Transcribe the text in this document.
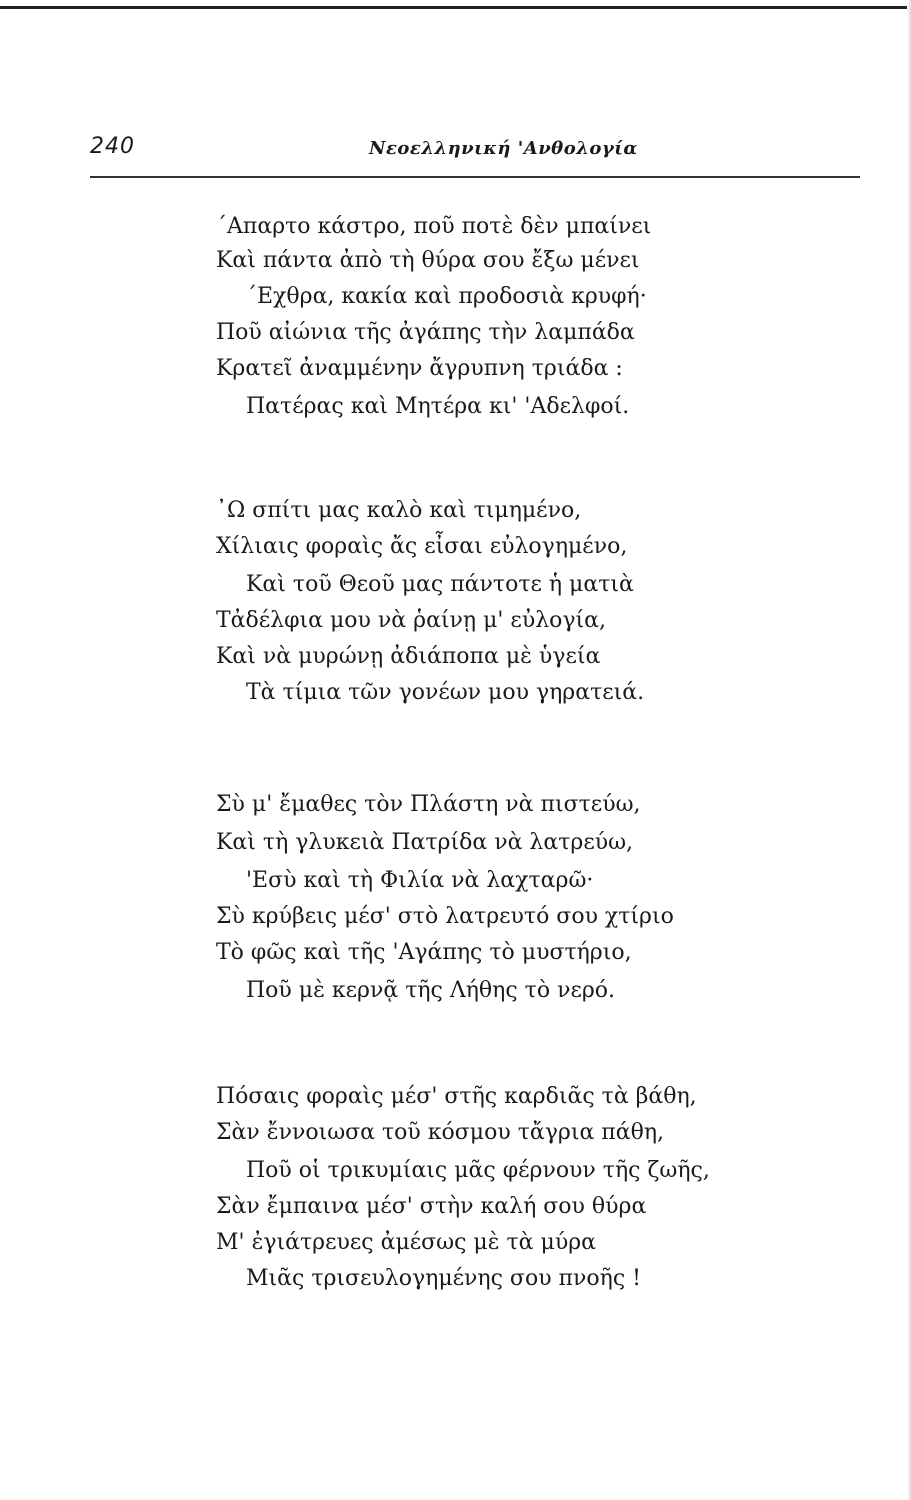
240	Νεοελληνική 'Ανθολογία
΄Απαρτο κάστρο, ποῦ ποτὲ δὲν μπαίνει
Καὶ πάντα ἀπὸ τὴ θύρα σου ἔξω μένει
΄Εχθρα, κακία καὶ προδοσιὰ κρυφή·
Ποῦ αἰώνια τῆς ἀγάπης τὴν λαμπάδα
Κρατεῖ ἀναμμένην ἄγρυπνη τριάδα :
Πατέρας καὶ Μητέρα κι' 'Αδελφοί.
᾽Ω σπίτι μας καλὸ καὶ τιμημένο,
Χίλιαις φοραὶς ἄς εἶσαι εὐλογημένο,
Καὶ τοῦ Θεοῦ μας πάντοτε ἡ ματιὰ
Τἀδέλφια μου νὰ ῥαίνῃ μ' εὐλογία,
Καὶ νὰ μυρώνῃ ἀδιάποπα μὲ ὑγεία
Τὰ τίμια τῶν γονέων μου γηρατειά.
Σὺ μ' ἔμαθες τὸν Πλάστη νὰ πιστεύω,
Καὶ τὴ γλυκειὰ Πατρίδα νὰ λατρεύω,
'Εσὺ καὶ τὴ Φιλία νὰ λαχταρῶ·
Σὺ κρύβεις μέσ' στὸ λατρευτό σου χτίριο
Τὸ φῶς καὶ τῆς 'Αγάπης τὸ μυστήριο,
Ποῦ μὲ κερνᾷ τῆς Λήθης τὸ νερό.
Πόσαις φοραὶς μέσ' στῆς καρδιᾶς τὰ βάθη,
Σὰν ἔννοιωσα τοῦ κόσμου τἄγρια πάθη,
Ποῦ οἱ τρικυμίαις μᾶς φέρνουν τῆς ζωῆς,
Σὰν ἔμπαινα μέσ' στὴν καλή σου θύρα
Μ' ἐγιάτρευες ἀμέσως μὲ τὰ μύρα
Μιᾶς τρισευλογημένης σου πνοῆς !
